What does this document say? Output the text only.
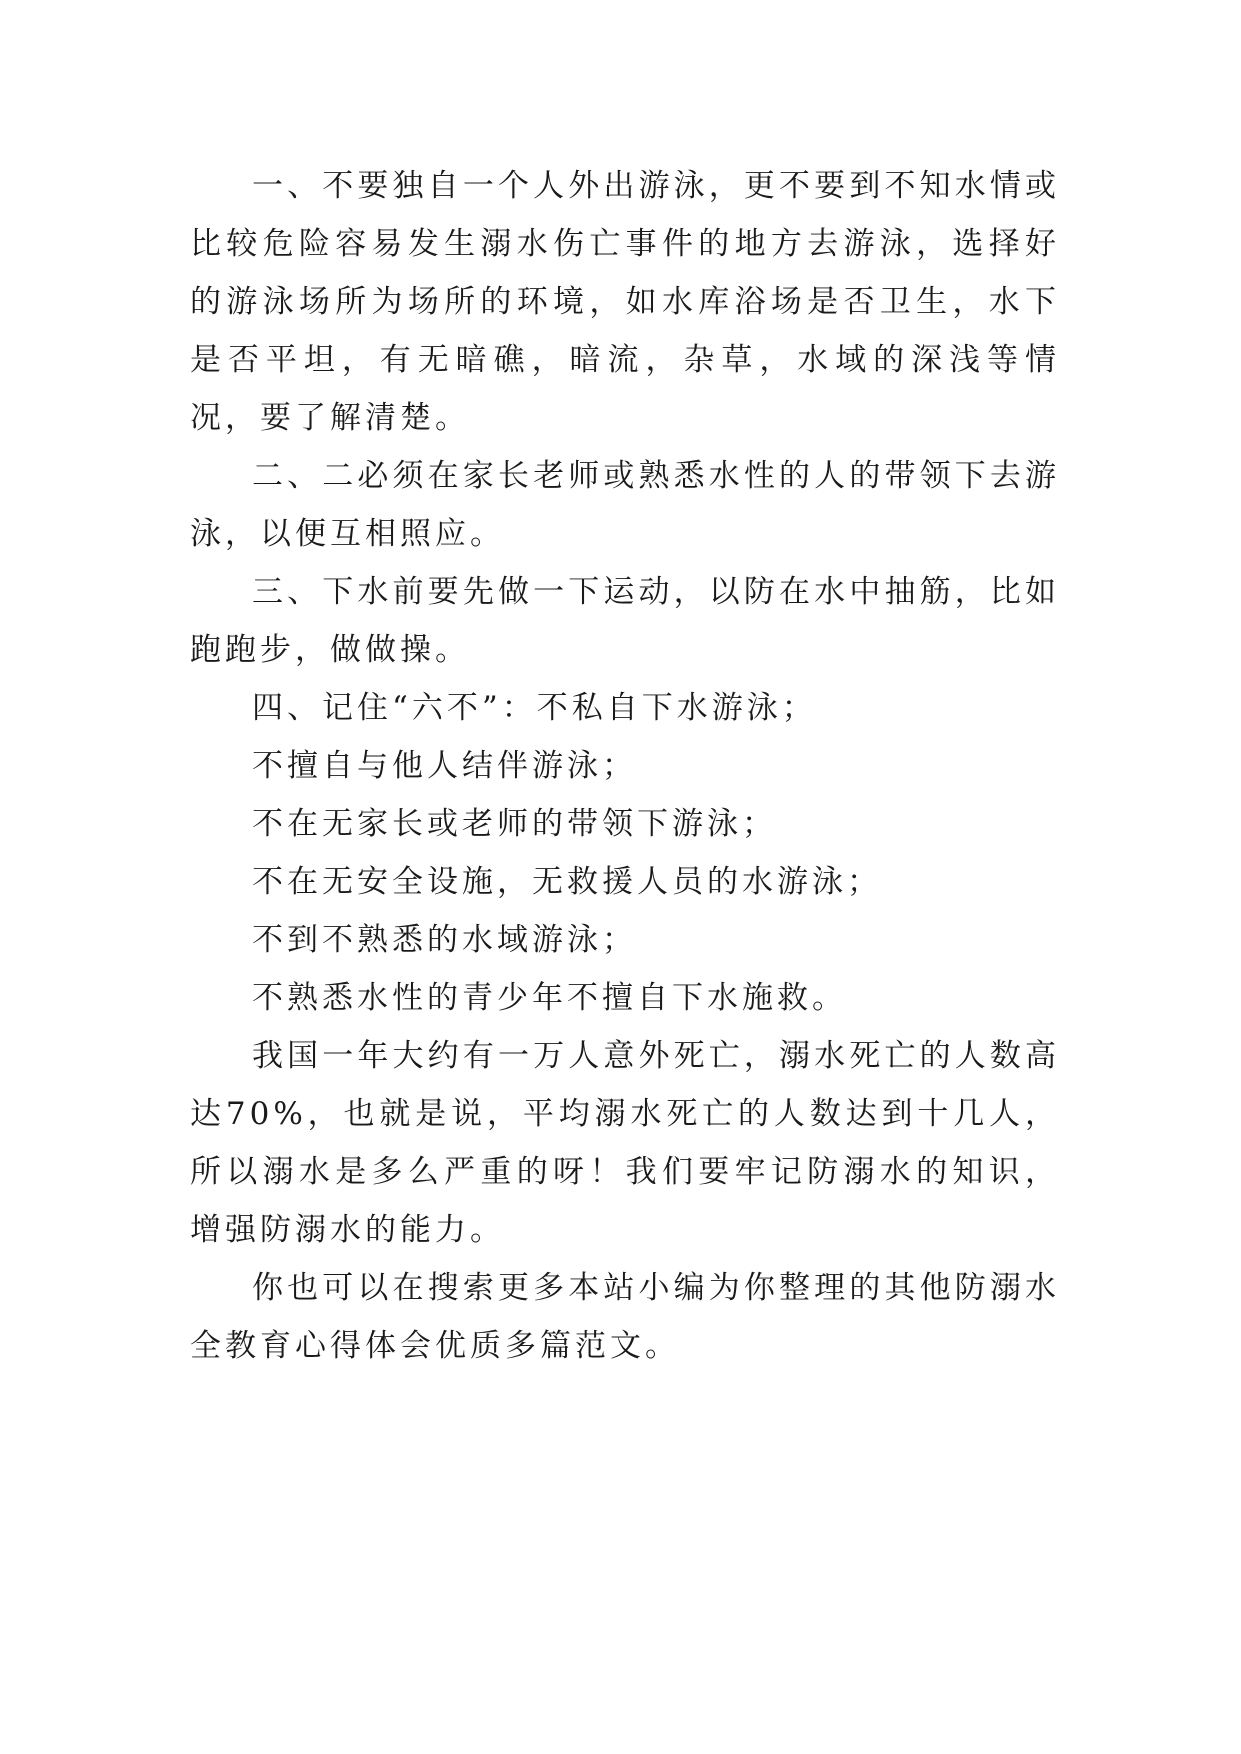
一、不要独自一个人外出游泳，更不要到不知水情或比较危险容易发生溺水伤亡事件的地方去游泳，选择好的游泳场所为场所的环境，如水库浴场是否卫生，水下是否平坦，有无暗礁，暗流，杂草，水域的深浅等情况，要了解清楚。

二、二必须在家长老师或熟悉水性的人的带领下去游泳，以便互相照应。

三、下水前要先做一下运动，以防在水中抽筋，比如跑跑步，做做操。

四、记住“六不”：不私自下水游泳；

不擅自与他人结伴游泳；

不在无家长或老师的带领下游泳；

不在无安全设施，无救援人员的水游泳；

不到不熟悉的水域游泳；

不熟悉水性的青少年不擅自下水施救。

我国一年大约有一万人意外死亡，溺水死亡的人数高达70%，也就是说，平均溺水死亡的人数达到十几人，所以溺水是多么严重的呀！我们要牢记防溺水的知识，增强防溺水的能力。

你也可以在搜索更多本站小编为你整理的其他防溺水全教育心得体会优质多篇范文。
